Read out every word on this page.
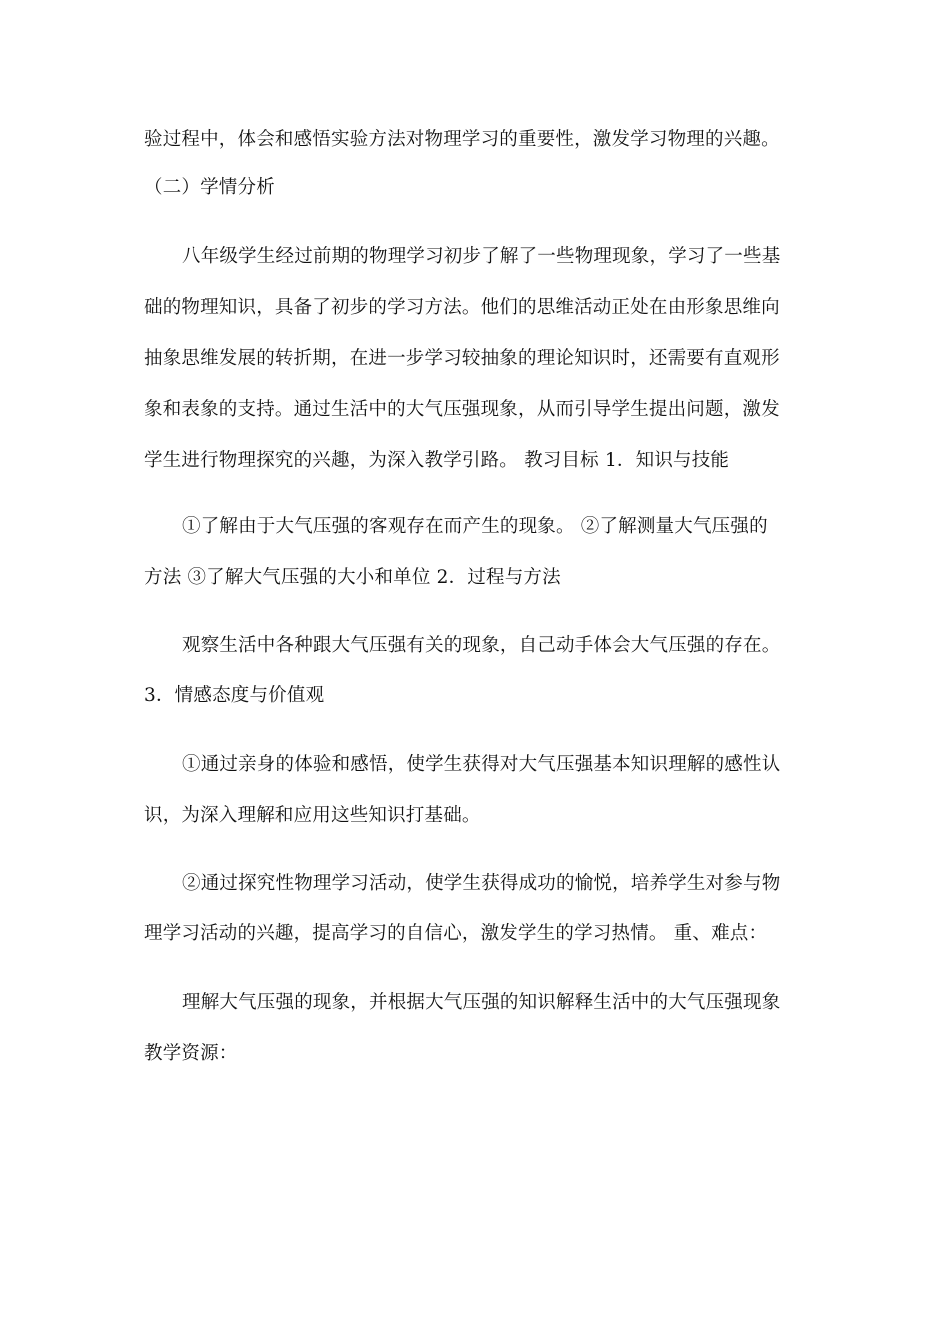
验过程中，体会和感悟实验方法对物理学习的重要性，激发学习物理的兴趣。
（二）学情分析
八年级学生经过前期的物理学习初步了解了一些物理现象，学习了一些基
础的物理知识，具备了初步的学习方法。他们的思维活动正处在由形象思维向
抽象思维发展的转折期，在进一步学习较抽象的理论知识时，还需要有直观形
象和表象的支持。通过生活中的大气压强现象，从而引导学生提出问题，激发
学生进行物理探究的兴趣，为深入教学引路。 教习目标 1．知识与技能
①了解由于大气压强的客观存在而产生的现象。 ②了解测量大气压强的
方法 ③了解大气压强的大小和单位 2．过程与方法
观察生活中各种跟大气压强有关的现象，自己动手体会大气压强的存在。
3．情感态度与价值观
①通过亲身的体验和感悟，使学生获得对大气压强基本知识理解的感性认
识，为深入理解和应用这些知识打基础。
②通过探究性物理学习活动，使学生获得成功的愉悦，培养学生对参与物
理学习活动的兴趣，提高学习的自信心，激发学生的学习热情。 重、难点：
理解大气压强的现象，并根据大气压强的知识解释生活中的大气压强现象
教学资源：
